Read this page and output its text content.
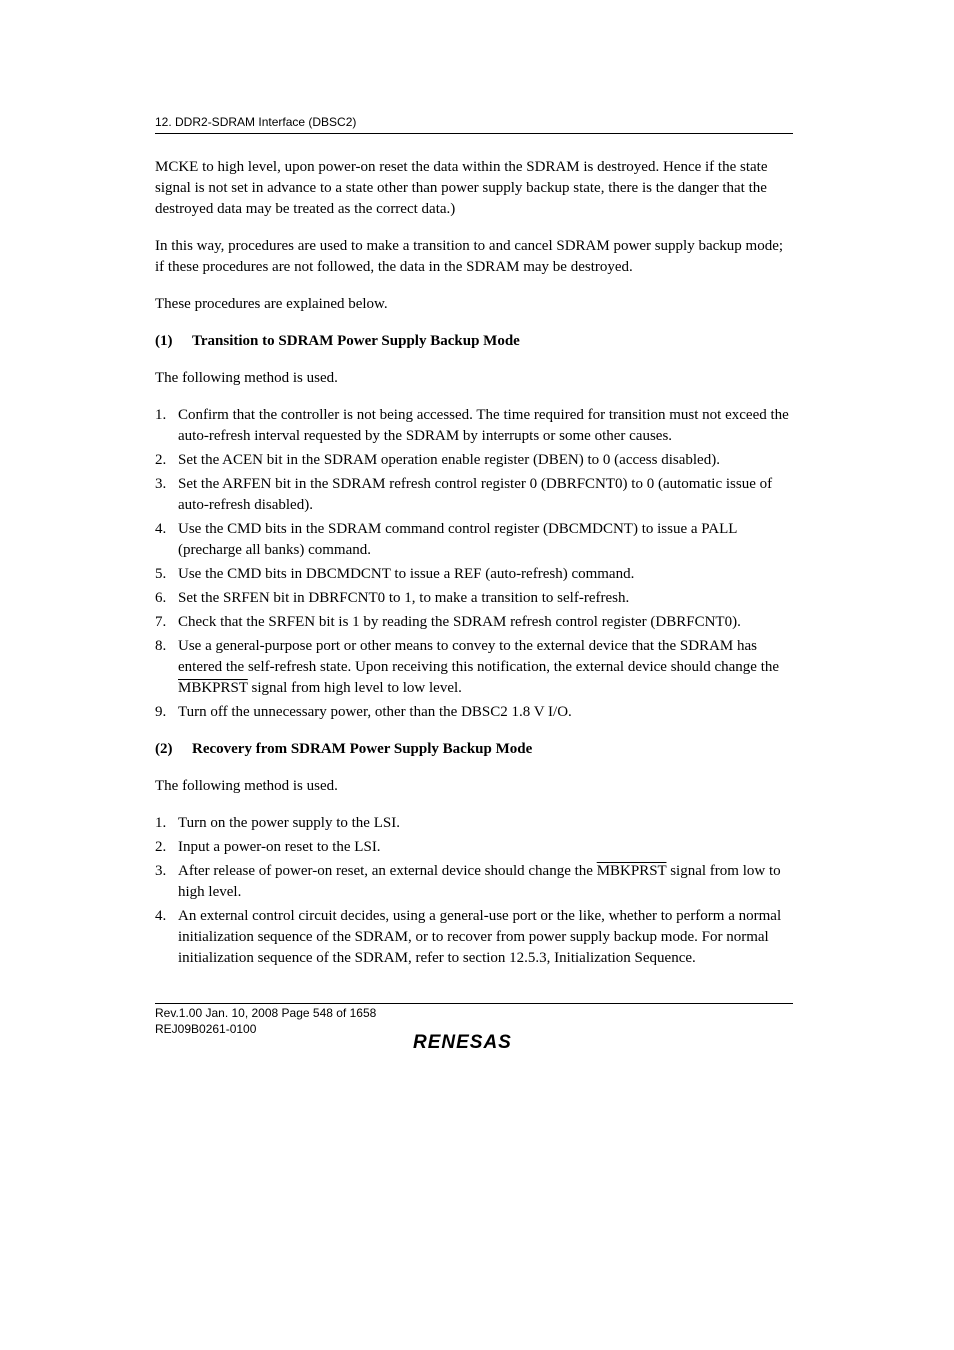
12. DDR2-SDRAM Interface (DBSC2)

MCKE to high level, upon power-on reset the data within the SDRAM is destroyed. Hence if the state signal is not set in advance to a state other than power supply backup state, there is the danger that the destroyed data may be treated as the correct data.)

In this way, procedures are used to make a transition to and cancel SDRAM power supply backup mode; if these procedures are not followed, the data in the SDRAM may be destroyed.

These procedures are explained below.

(1) Transition to SDRAM Power Supply Backup Mode

The following method is used.

1. Confirm that the controller is not being accessed. The time required for transition must not exceed the auto-refresh interval requested by the SDRAM by interrupts or some other causes.
2. Set the ACEN bit in the SDRAM operation enable register (DBEN) to 0 (access disabled).
3. Set the ARFEN bit in the SDRAM refresh control register 0 (DBRFCNT0) to 0 (automatic issue of auto-refresh disabled).
4. Use the CMD bits in the SDRAM command control register (DBCMDCNT) to issue a PALL (precharge all banks) command.
5. Use the CMD bits in DBCMDCNT to issue a REF (auto-refresh) command.
6. Set the SRFEN bit in DBRFCNT0 to 1, to make a transition to self-refresh.
7. Check that the SRFEN bit is 1 by reading the SDRAM refresh control register (DBRFCNT0).
8. Use a general-purpose port or other means to convey to the external device that the SDRAM has entered the self-refresh state. Upon receiving this notification, the external device should change the MBKPRST signal from high level to low level.
9. Turn off the unnecessary power, other than the DBSC2 1.8 V I/O.
(2) Recovery from SDRAM Power Supply Backup Mode

The following method is used.

1. Turn on the power supply to the LSI.
2. Input a power-on reset to the LSI.
3. After release of power-on reset, an external device should change the MBKPRST signal from low to high level.
4. An external control circuit decides, using a general-use port or the like, whether to perform a normal initialization sequence of the SDRAM, or to recover from power supply backup mode. For normal initialization sequence of the SDRAM, refer to section 12.5.3, Initialization Sequence.
Rev.1.00 Jan. 10, 2008 Page 548 of 1658
REJ09B0261-0100
RENESAS
